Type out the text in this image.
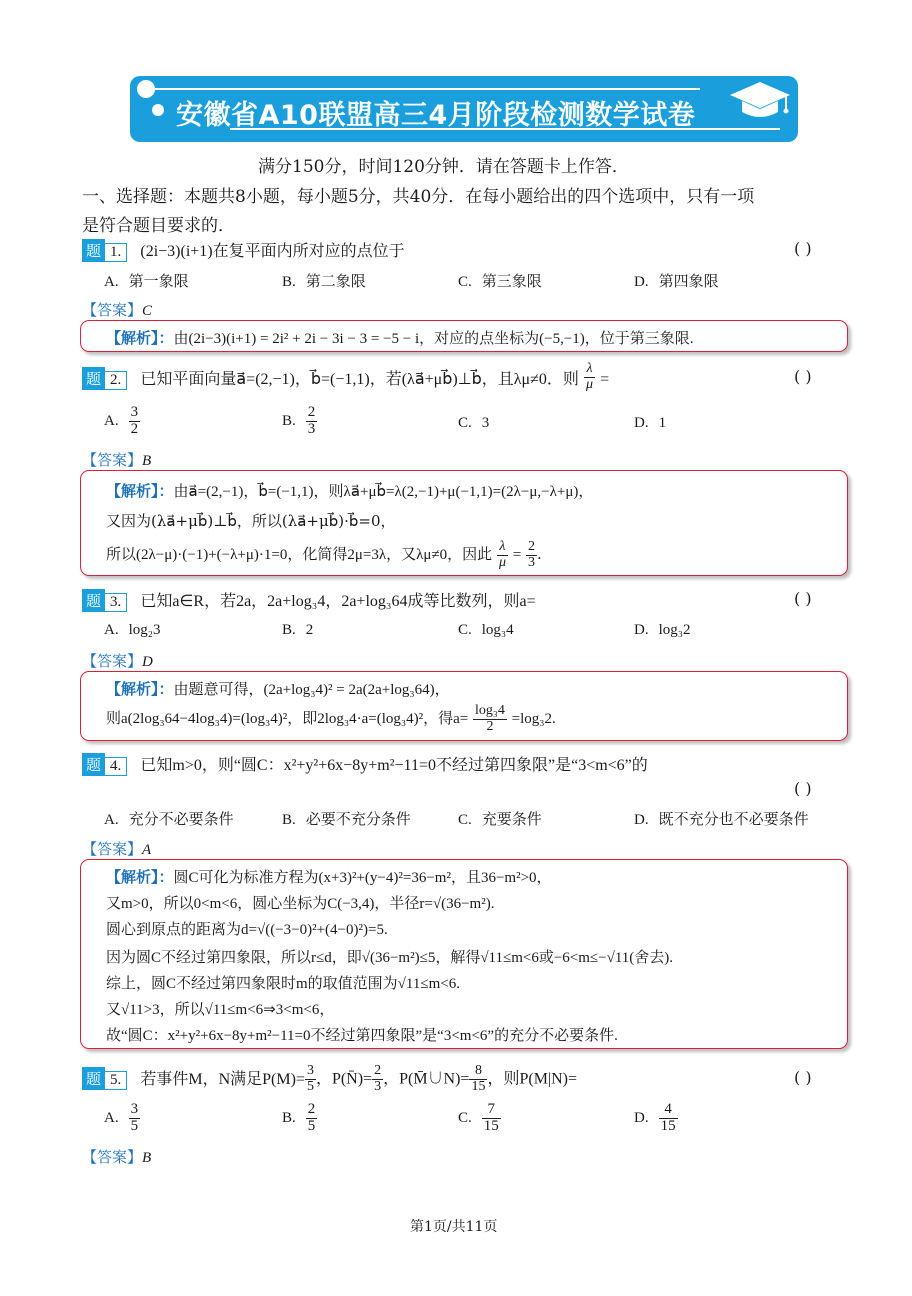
安徽省A10联盟高三4月阶段检测数学试卷
满分150分，时间120分钟．请在答题卡上作答．
一、选择题：本题共8小题，每小题5分，共40分．在每小题给出的四个选项中，只有一项
是符合题目要求的．
题 1. (2i−3)(i+1)在复平面内所对应的点位于	( )
A. 第一象限	B. 第二象限	C. 第三象限	D. 第四象限
【答案】C
【解析】：由(2i−3)(i+1) = 2i² + 2i − 3i − 3 = −5 − i，对应的点坐标为(−5,−1)，位于第三象限.
题 2. 已知平面向量a⃗=(2,−1)，b⃗=(−1,1)，若(λa⃗+μb⃗)⊥b⃗，且λμ≠0．则 $\frac{\lambda}{\mu}$ =	( )
A. $\frac{3}{2}$	B. $\frac{2}{3}$	C. 3	D. 1
【答案】B
【解析】：由a⃗=(2,−1)，b⃗=(−1,1)，则λa⃗+μb⃗=λ(2,−1)+μ(−1,1)=(2λ−μ,−λ+μ)，
又因为(λa⃗+μb⃗)⊥b⃗，所以(λa⃗+μb⃗)·b⃗=0，
所以(2λ−μ)·(−1)+(−λ+μ)·1=0，化简得2μ=3λ，又λμ≠0，因此 $\frac{\lambda}{\mu} = \frac{2}{3}$ .
题 3. 已知a∈R，若2a，2a+log₃4，2a+log₃64成等比数列，则a=	( )
A. log₂3	B. 2	C. log₃4	D. log₃2
【答案】D
【解析】：由题意可得，(2a+log₃4)² = 2a(2a+log₃64)，
则a(2log₃64−4log₃4)=(log₃4)²，即2log₃4·a=(log₃4)²，得$a= \frac{\text{log₃4}}{2} =\log_32$.
题 4. 已知m>0，则“圆C：x²+y²+6x−8y+m²−11=0不经过第四象限”是“3<m<6”的
( )
A. 充分不必要条件	B. 必要不充分条件	C. 充要条件	D. 既不充分也不必要条件
【答案】A
【解析】：圆C可化为标准方程为(x+3)²+(y−4)²=36−m²，且36−m²>0，
又m>0，所以0<m<6，圆心坐标为C(−3,4)，半径r=√(36−m²).
圆心到原点的距离为d=√((−3−0)²+(4−0)²)=5.
因为圆C不经过第四象限，所以r≤d，即√(36−m²)≤5，解得√11≤m<6或−6<m≤−√11(舍去).
综上，圆C不经过第四象限时m的取值范围为√11≤m<6.
又√11>3，所以√11≤m<6⇒3<m<6，
故“圆C：x²+y²+6x−8y+m²−11=0不经过第四象限”是“3<m<6”的充分不必要条件.
题 5. 若事件M，N满足$P(M)= \frac{3}{5}$ ，P(N̄)= $\frac{2}{3}$ ，P(M̄∪N)= $\frac{8}{15}$ ，则P(M|N)=	( )
A. $\frac{3}{5}$	B. $\frac{2}{5}$	C. $\frac{7}{15}$	D. $\frac{4}{15}$
【答案】B
第1页/共11页
